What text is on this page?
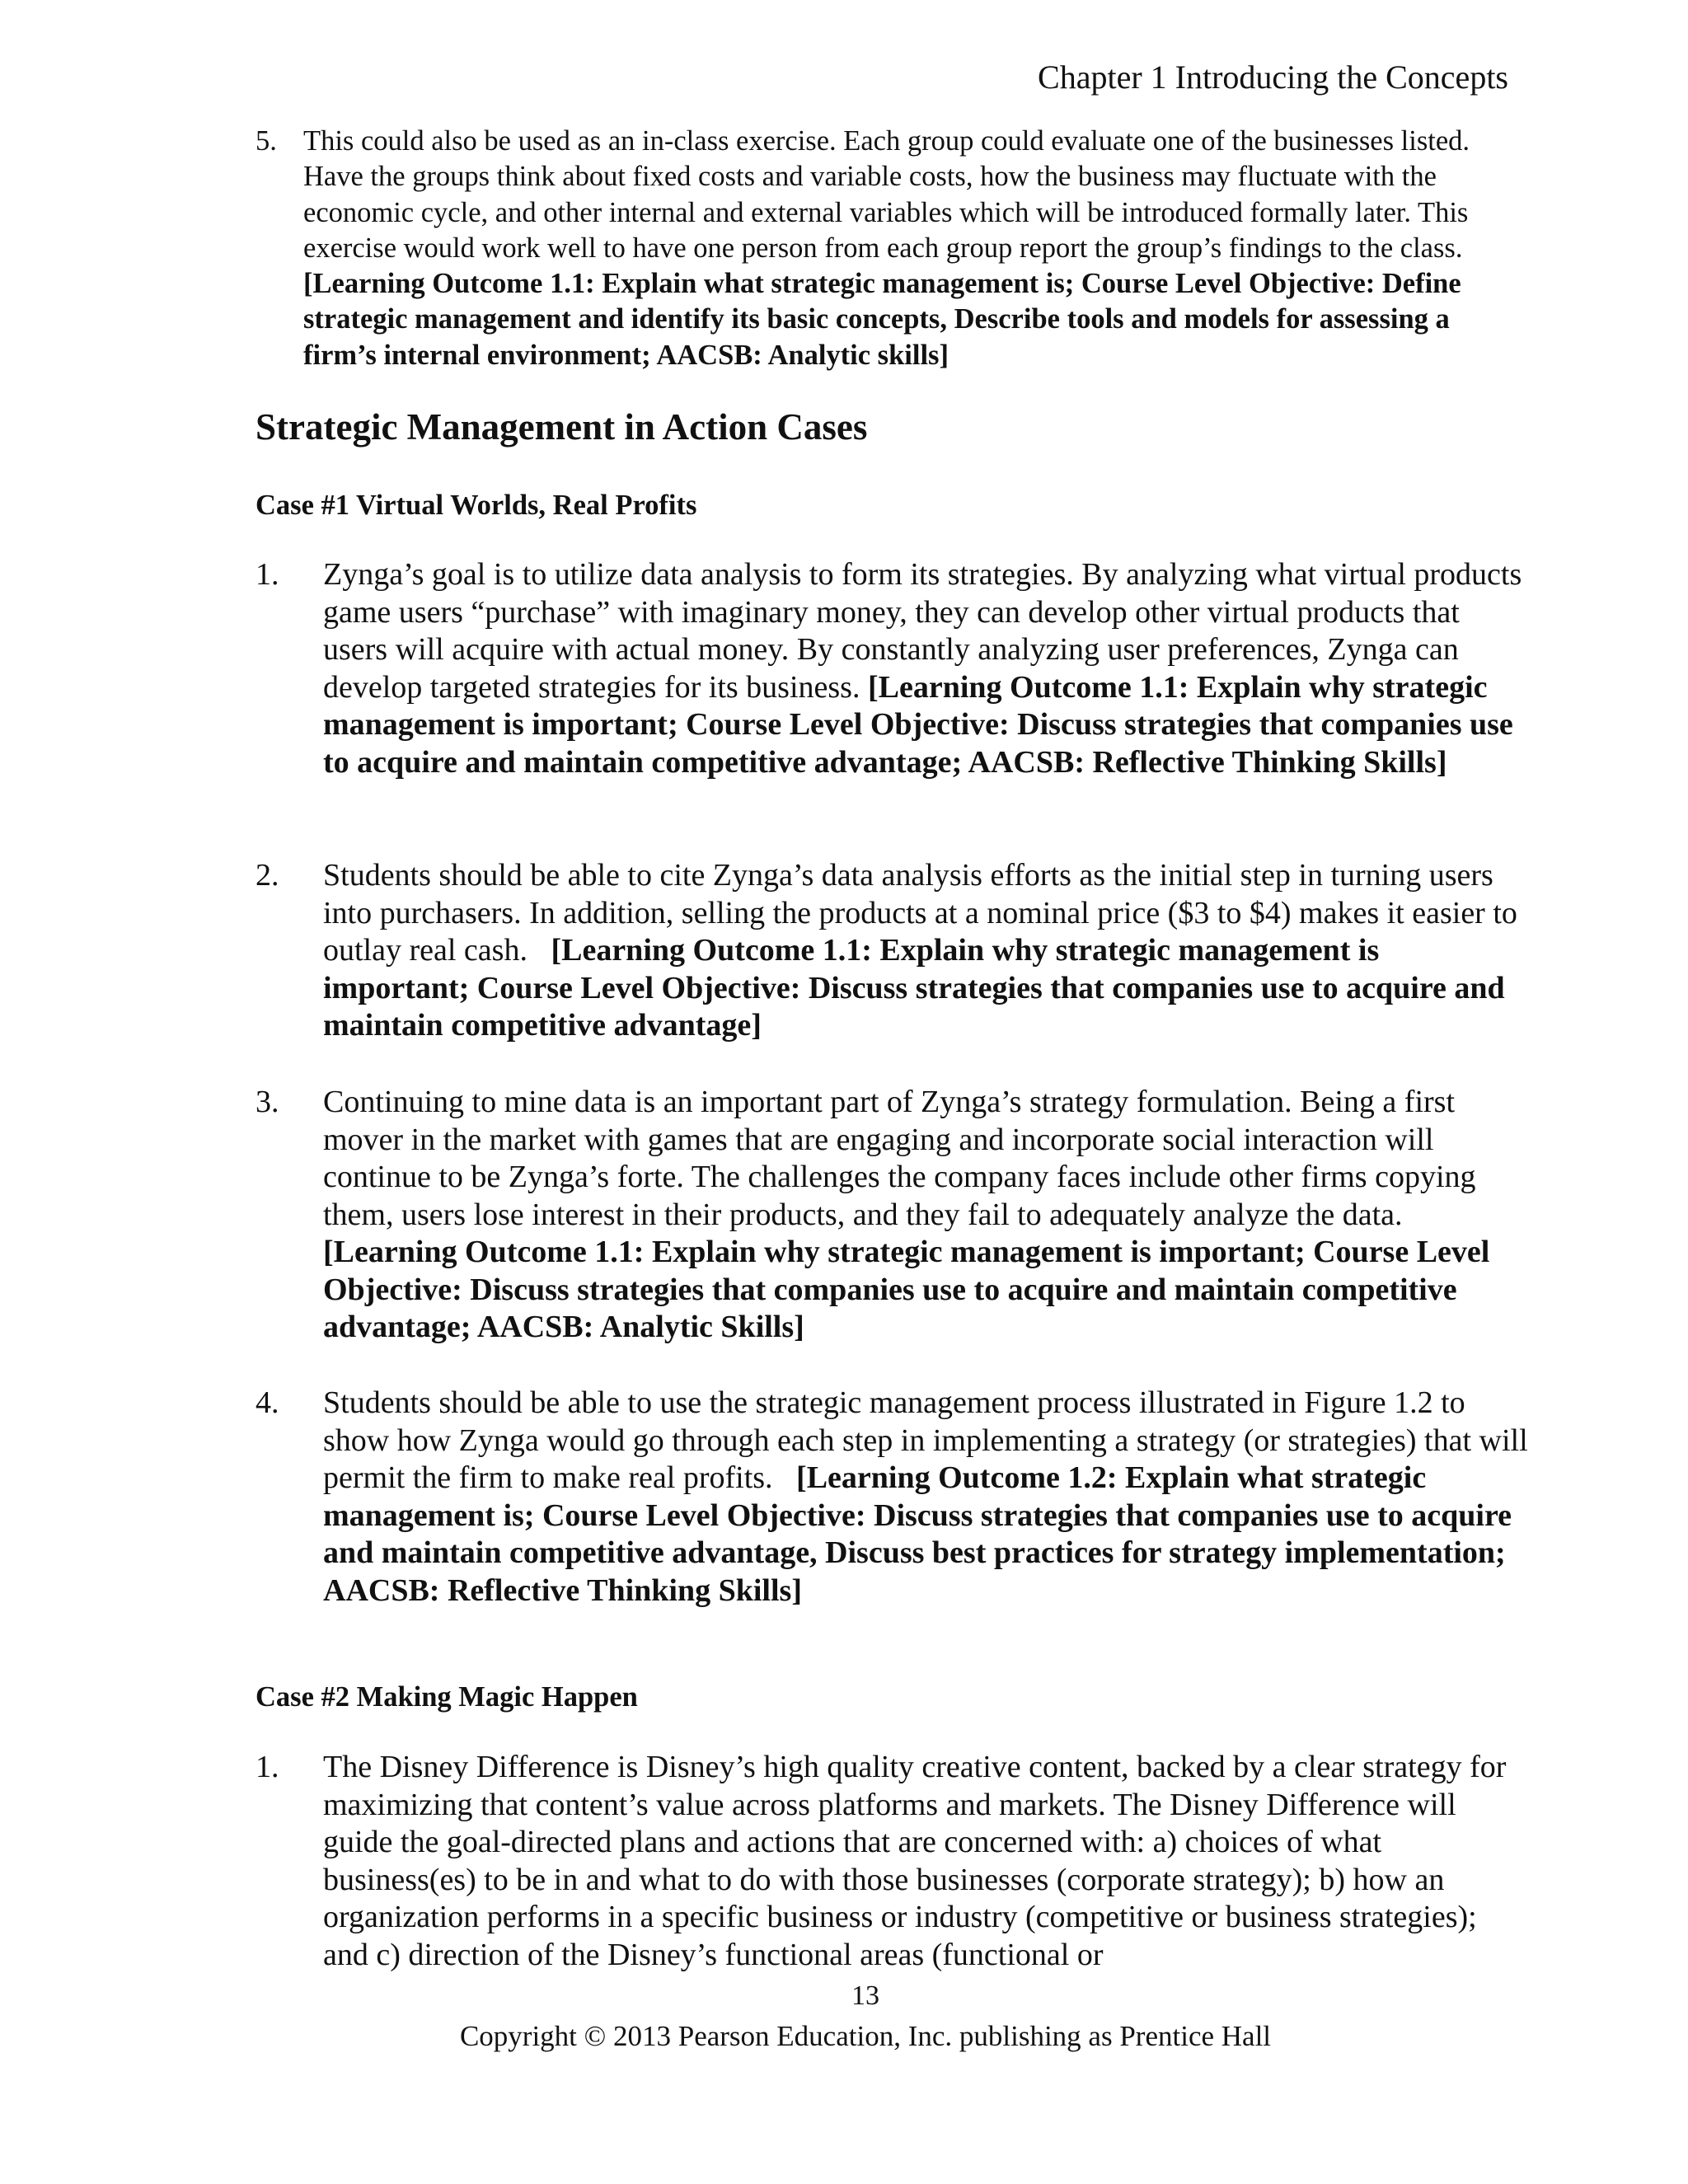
Chapter 1 Introducing the Concepts
5. This could also be used as an in-class exercise. Each group could evaluate one of the businesses listed. Have the groups think about fixed costs and variable costs, how the business may fluctuate with the economic cycle, and other internal and external variables which will be introduced formally later. This exercise would work well to have one person from each group report the group’s findings to the class.   [Learning Outcome 1.1: Explain what strategic management is; Course Level Objective: Define strategic management and identify its basic concepts, Describe tools and models for assessing a firm’s internal environment; AACSB: Analytic skills]
Strategic Management in Action Cases
Case #1 Virtual Worlds, Real Profits
1. Zynga’s goal is to utilize data analysis to form its strategies. By analyzing what virtual products game users “purchase” with imaginary money, they can develop other virtual products that users will acquire with actual money. By constantly analyzing user preferences, Zynga can develop targeted strategies for its business. [Learning Outcome 1.1: Explain why strategic management is important; Course Level Objective: Discuss strategies that companies use to acquire and maintain competitive advantage; AACSB: Reflective Thinking Skills]
2. Students should be able to cite Zynga’s data analysis efforts as the initial step in turning users into purchasers. In addition, selling the products at a nominal price ($3 to $4) makes it easier to outlay real cash. [Learning Outcome 1.1: Explain why strategic management is important; Course Level Objective: Discuss strategies that companies use to acquire and maintain competitive advantage]
3. Continuing to mine data is an important part of Zynga’s strategy formulation. Being a first mover in the market with games that are engaging and incorporate social interaction will continue to be Zynga’s forte. The challenges the company faces include other firms copying them, users lose interest in their products, and they fail to adequately analyze the data.   [Learning Outcome 1.1: Explain why strategic management is important; Course Level Objective: Discuss strategies that companies use to acquire and maintain competitive advantage; AACSB: Analytic Skills]
4. Students should be able to use the strategic management process illustrated in Figure 1.2 to show how Zynga would go through each step in implementing a strategy (or strategies) that will permit the firm to make real profits. [Learning Outcome 1.2: Explain what strategic management is; Course Level Objective: Discuss strategies that companies use to acquire and maintain competitive advantage, Discuss best practices for strategy implementation; AACSB: Reflective Thinking Skills]
Case #2 Making Magic Happen
1. The Disney Difference is Disney’s high quality creative content, backed by a clear strategy for maximizing that content’s value across platforms and markets. The Disney Difference will guide the goal-directed plans and actions that are concerned with: a) choices of what business(es) to be in and what to do with those businesses (corporate strategy); b) how an organization performs in a specific business or industry (competitive or business strategies); and c) direction of the Disney’s functional areas (functional or
13
Copyright © 2013 Pearson Education, Inc. publishing as Prentice Hall
